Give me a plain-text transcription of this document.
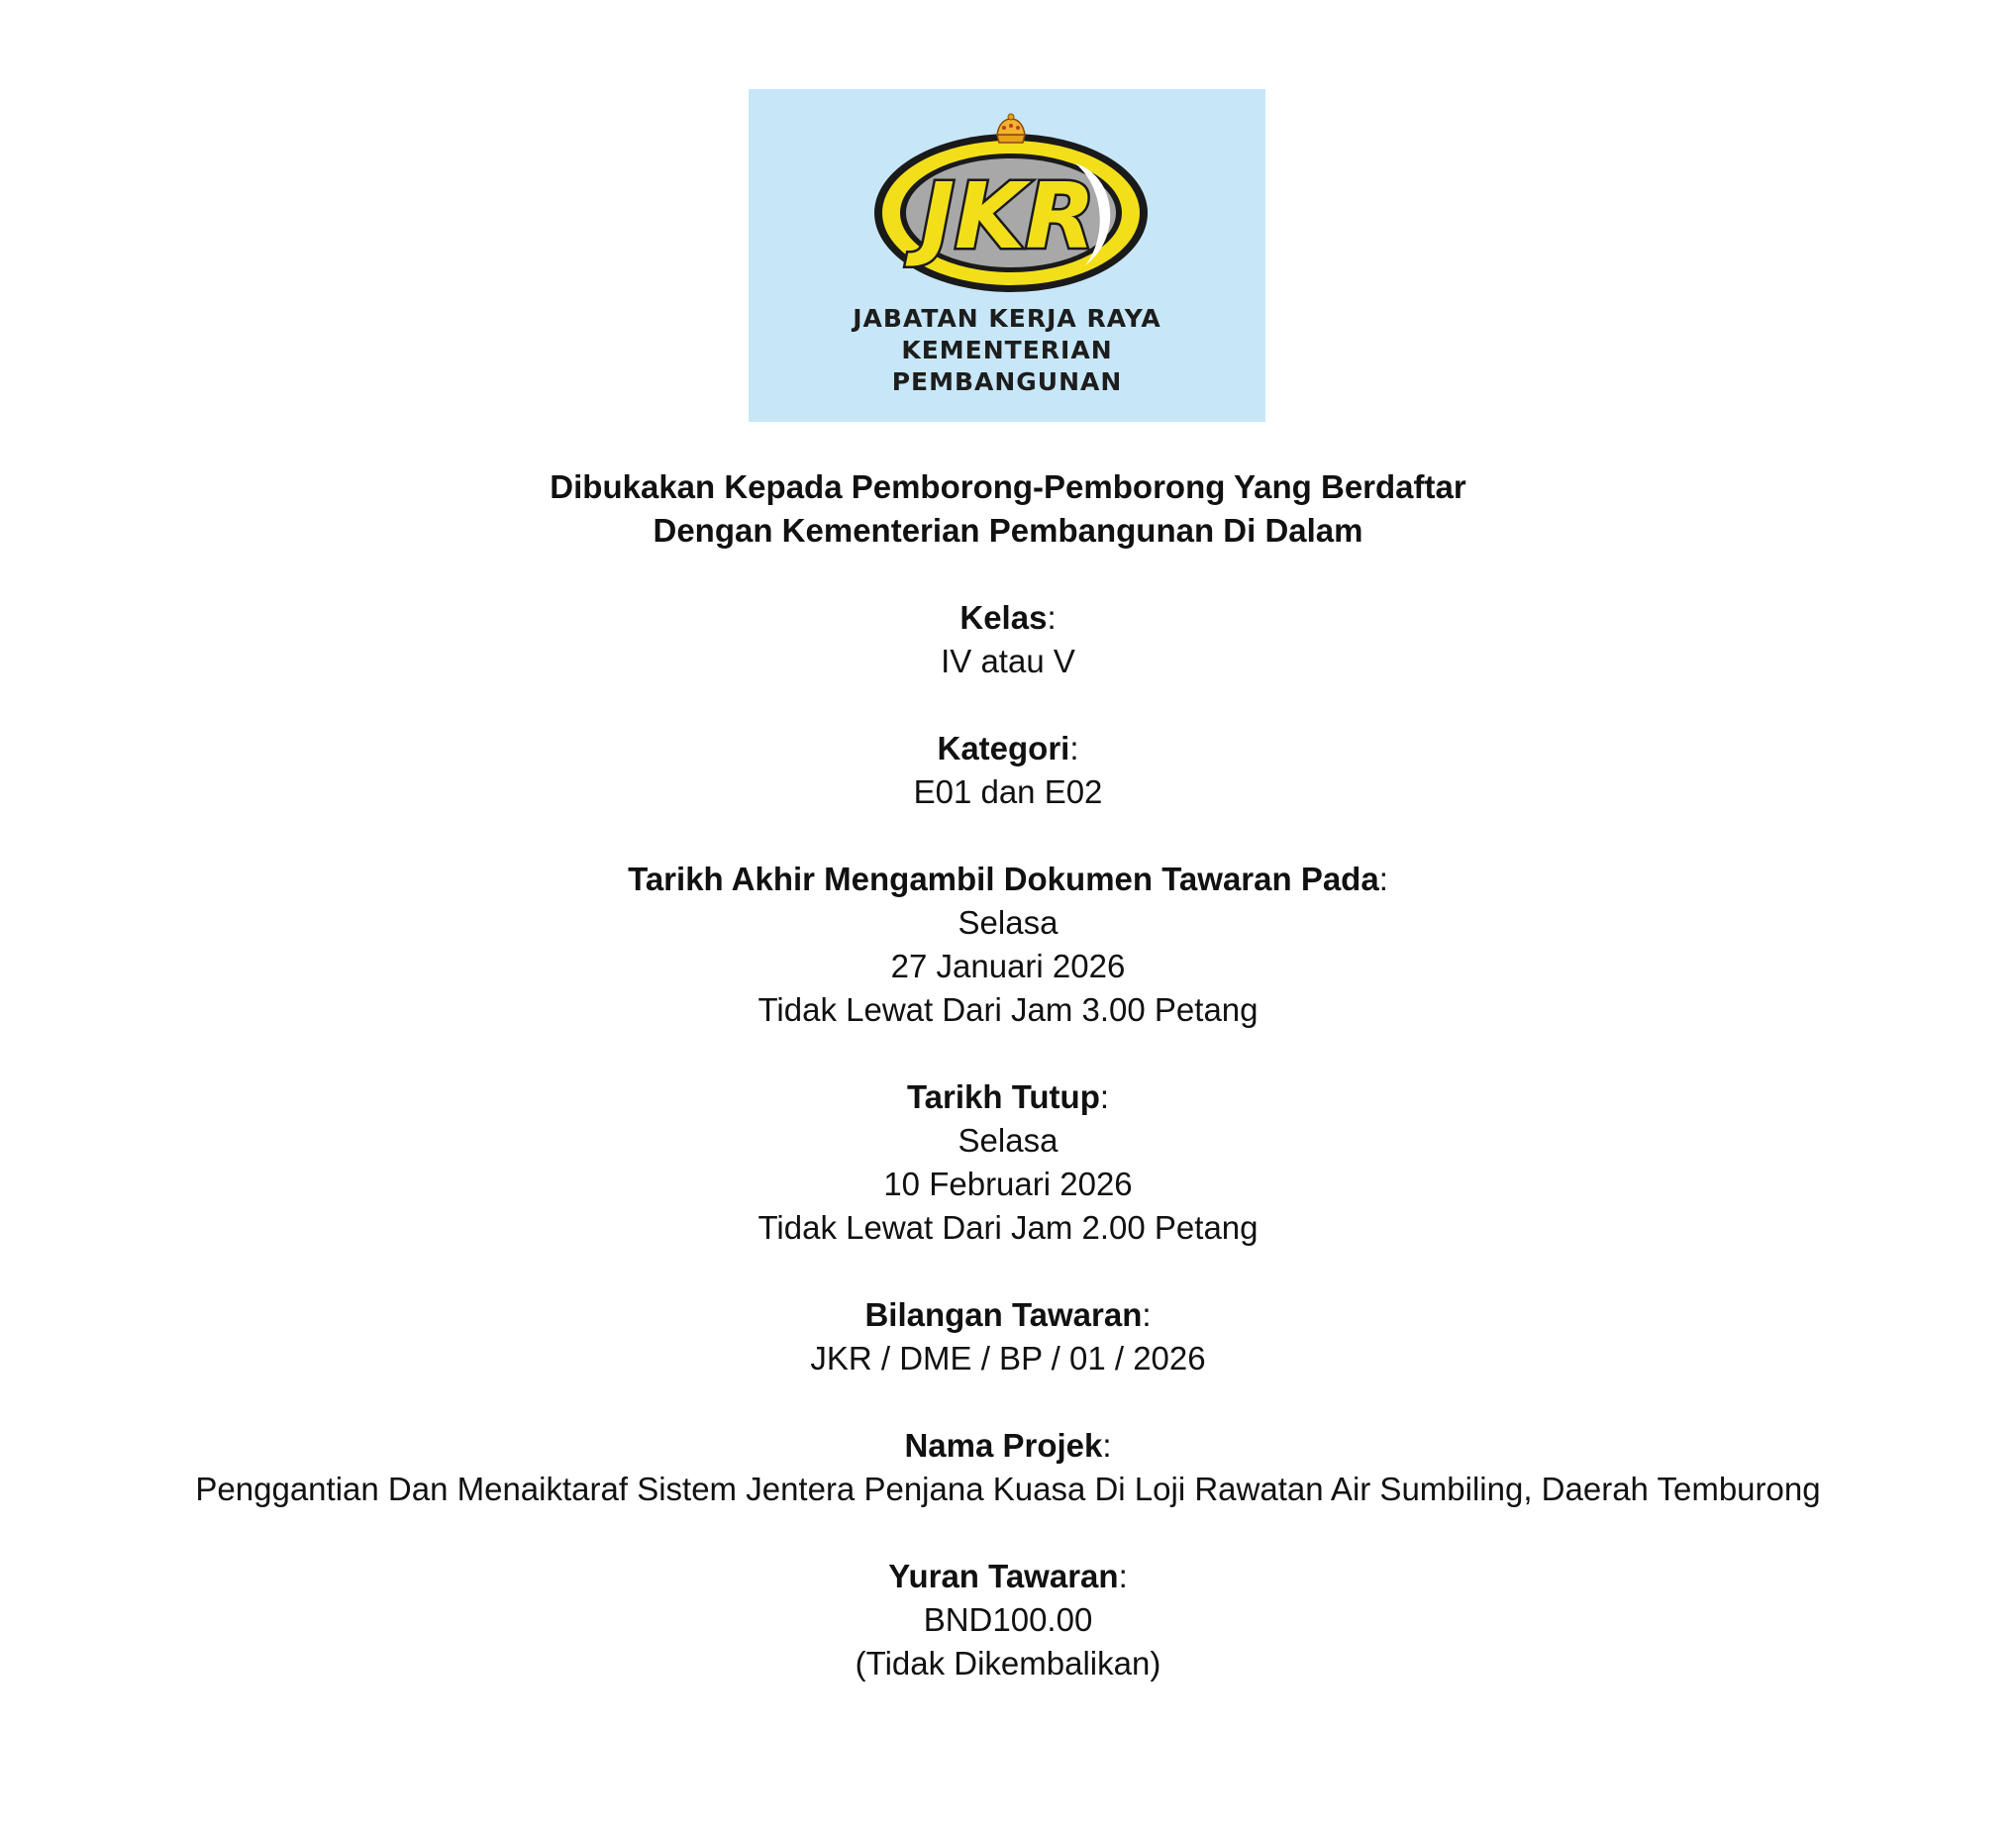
JKR
JABATAN KERJA RAYA
KEMENTERIAN
PEMBANGUNAN
Dibukakan Kepada Pemborong-Pemborong Yang Berdaftar
Dengan Kementerian Pembangunan Di Dalam
Kelas:
IV atau V
Kategori:
E01 dan E02
Tarikh Akhir Mengambil Dokumen Tawaran Pada:
Selasa
27 Januari 2026
Tidak Lewat Dari Jam 3.00 Petang
Tarikh Tutup:
Selasa
10 Februari 2026
Tidak Lewat Dari Jam 2.00 Petang
Bilangan Tawaran:
JKR / DME / BP / 01 / 2026
Nama Projek:
Penggantian Dan Menaiktaraf Sistem Jentera Penjana Kuasa Di Loji Rawatan Air Sumbiling, Daerah Temburong
Yuran Tawaran:
BND100.00
(Tidak Dikembalikan)
